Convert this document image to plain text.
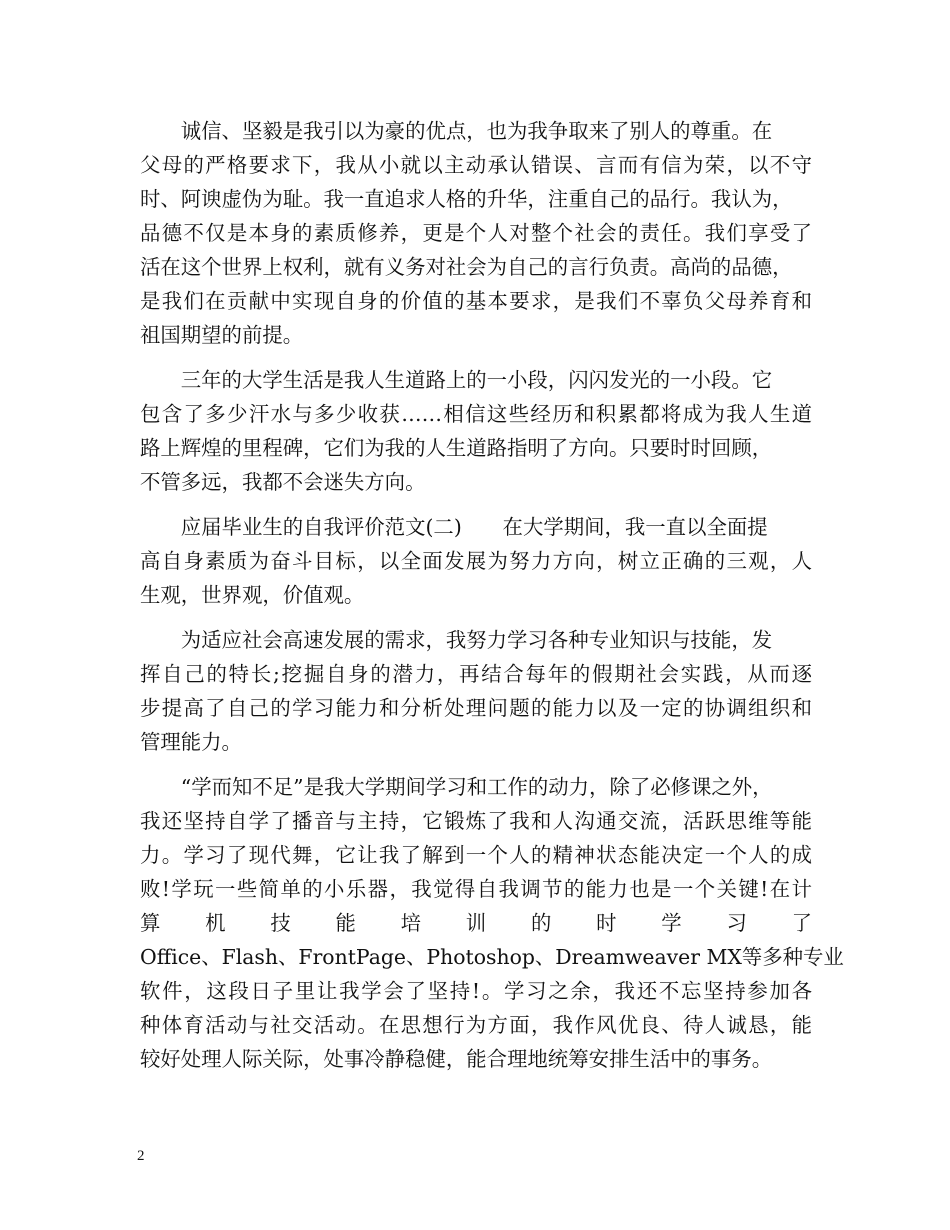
　　诚信、坚毅是我引以为豪的优点，也为我争取来了别人的尊重。在
父母的严格要求下，我从小就以主动承认错误、言而有信为荣，以不守
时、阿谀虚伪为耻。我一直追求人格的升华，注重自己的品行。我认为，
品德不仅是本身的素质修养，更是个人对整个社会的责任。我们享受了
活在这个世界上权利，就有义务对社会为自己的言行负责。高尚的品德，
是我们在贡献中实现自身的价值的基本要求，是我们不辜负父母养育和
祖国期望的前提。
　　三年的大学生活是我人生道路上的一小段，闪闪发光的一小段。它
包含了多少汗水与多少收获……相信这些经历和积累都将成为我人生道
路上辉煌的里程碑，它们为我的人生道路指明了方向。只要时时回顾，
不管多远，我都不会迷失方向。
　　应届毕业生的自我评价范文(二)　　在大学期间，我一直以全面提
高自身素质为奋斗目标，以全面发展为努力方向，树立正确的三观，人
生观，世界观，价值观。
　　为适应社会高速发展的需求，我努力学习各种专业知识与技能，发
挥自己的特长;挖掘自身的潜力，再结合每年的假期社会实践，从而逐
步提高了自己的学习能力和分析处理问题的能力以及一定的协调组织和
管理能力。
　　“学而知不足”是我大学期间学习和工作的动力，除了必修课之外，
我还坚持自学了播音与主持，它锻炼了我和人沟通交流，活跃思维等能
力。学习了现代舞，它让我了解到一个人的精神状态能决定一个人的成
败!学玩一些简单的小乐器，我觉得自我调节的能力也是一个关键!在计
算　机　技　能　培　训　的　时　学　习　了
Office、Flash、FrontPage、Photoshop、Dreamweaver MX等多种专业
软件，这段日子里让我学会了坚持!。学习之余，我还不忘坚持参加各
种体育活动与社交活动。在思想行为方面，我作风优良、待人诚恳，能
较好处理人际关际，处事冷静稳健，能合理地统筹安排生活中的事务。
2
